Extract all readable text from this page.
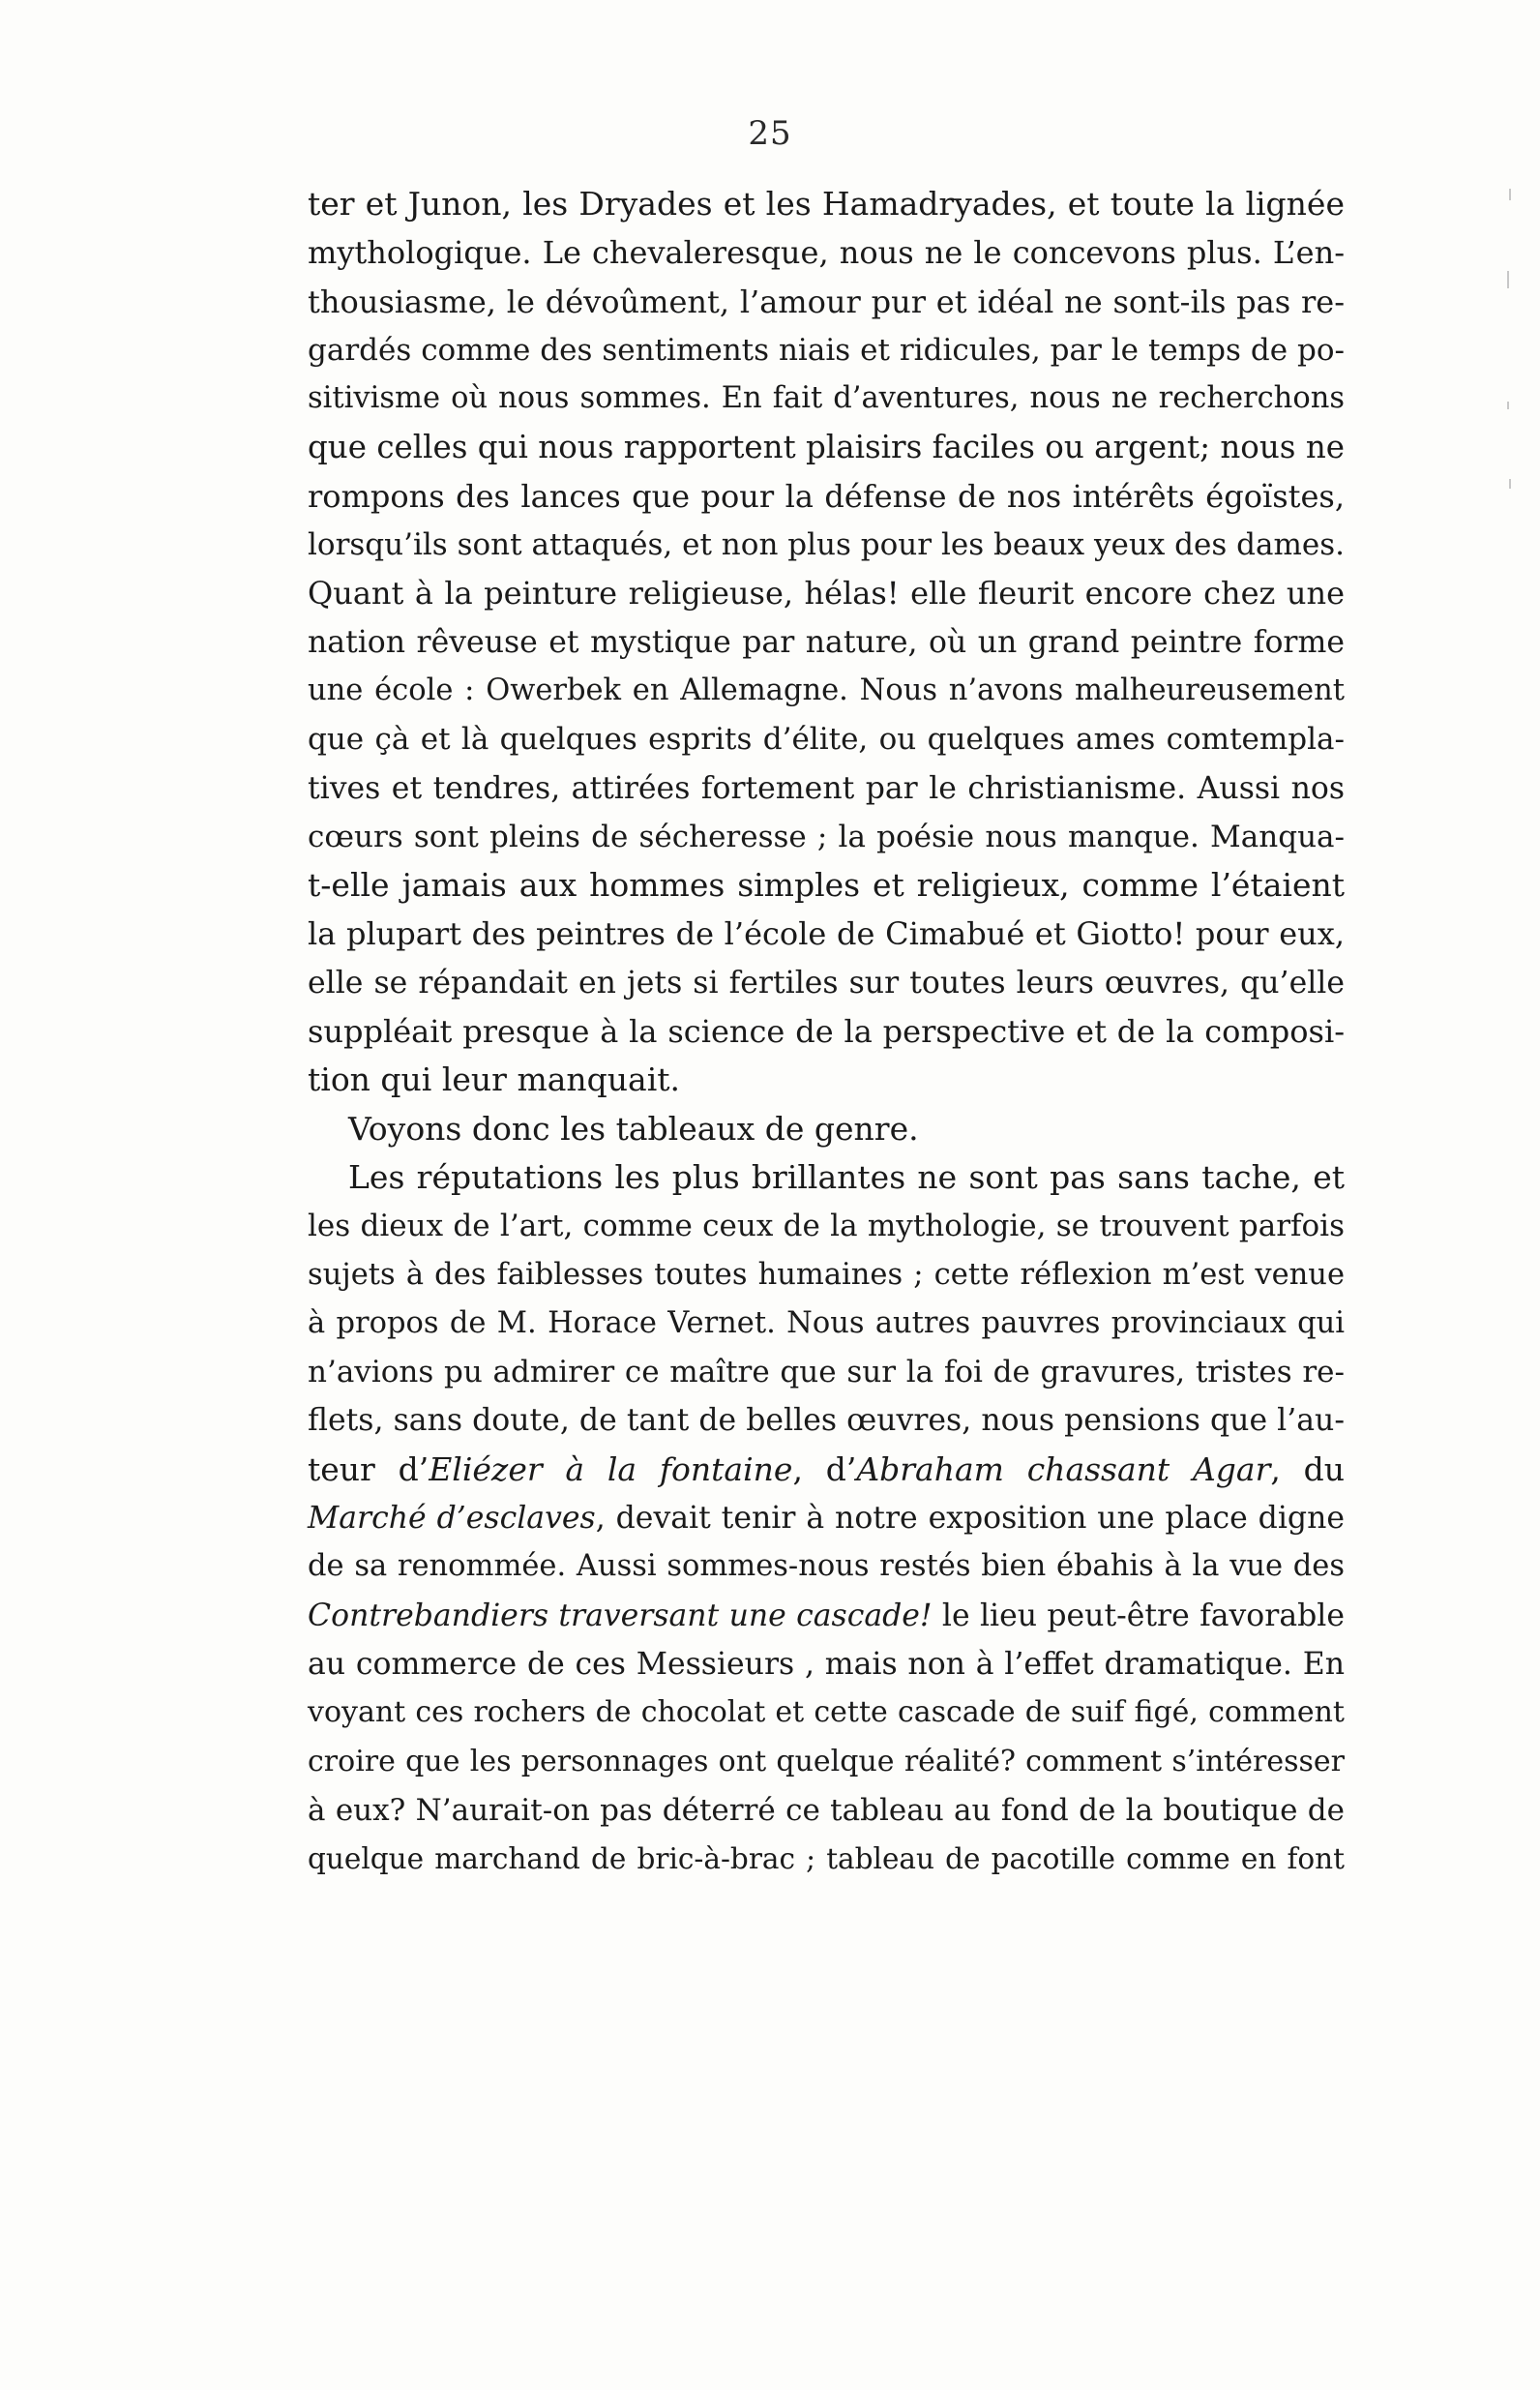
25
ter et Junon, les Dryades et les Hamadryades, et toute la lignée
mythologique. Le chevaleresque, nous ne le concevons plus. L’en-
thousiasme, le dévoûment, l’amour pur et idéal ne sont-ils pas re-
gardés comme des sentiments niais et ridicules, par le temps de po-
sitivisme où nous sommes. En fait d’aventures, nous ne recherchons
que celles qui nous rapportent plaisirs faciles ou argent; nous ne
rompons des lances que pour la défense de nos intérêts égoïstes,
lorsqu’ils sont attaqués, et non plus pour les beaux yeux des dames.
Quant à la peinture religieuse, hélas! elle fleurit encore chez une
nation rêveuse et mystique par nature, où un grand peintre forme
une école : Owerbek en Allemagne. Nous n’avons malheureusement
que çà et là quelques esprits d’élite, ou quelques ames comtempla-
tives et tendres, attirées fortement par le christianisme. Aussi nos
cœurs sont pleins de sécheresse ; la poésie nous manque. Manqua-
t-elle jamais aux hommes simples et religieux, comme l’étaient
la plupart des peintres de l’école de Cimabué et Giotto! pour eux,
elle se répandait en jets si fertiles sur toutes leurs œuvres, qu’elle
suppléait presque à la science de la perspective et de la composi-
tion qui leur manquait.
Voyons donc les tableaux de genre.
Les réputations les plus brillantes ne sont pas sans tache, et
les dieux de l’art, comme ceux de la mythologie, se trouvent parfois
sujets à des faiblesses toutes humaines ; cette réflexion m’est venue
à propos de M. Horace Vernet. Nous autres pauvres provinciaux qui
n’avions pu admirer ce maître que sur la foi de gravures, tristes re-
flets, sans doute, de tant de belles œuvres, nous pensions que l’au-
teur d’Eliézer à la fontaine, d’Abraham chassant Agar, du
Marché d’esclaves, devait tenir à notre exposition une place digne
de sa renommée. Aussi sommes-nous restés bien ébahis à la vue des
Contrebandiers traversant une cascade! le lieu peut-être favorable
au commerce de ces Messieurs , mais non à l’effet dramatique. En
voyant ces rochers de chocolat et cette cascade de suif figé, comment
croire que les personnages ont quelque réalité? comment s’intéresser
à eux? N’aurait-on pas déterré ce tableau au fond de la boutique de
quelque marchand de bric-à-brac ; tableau de pacotille comme en font
